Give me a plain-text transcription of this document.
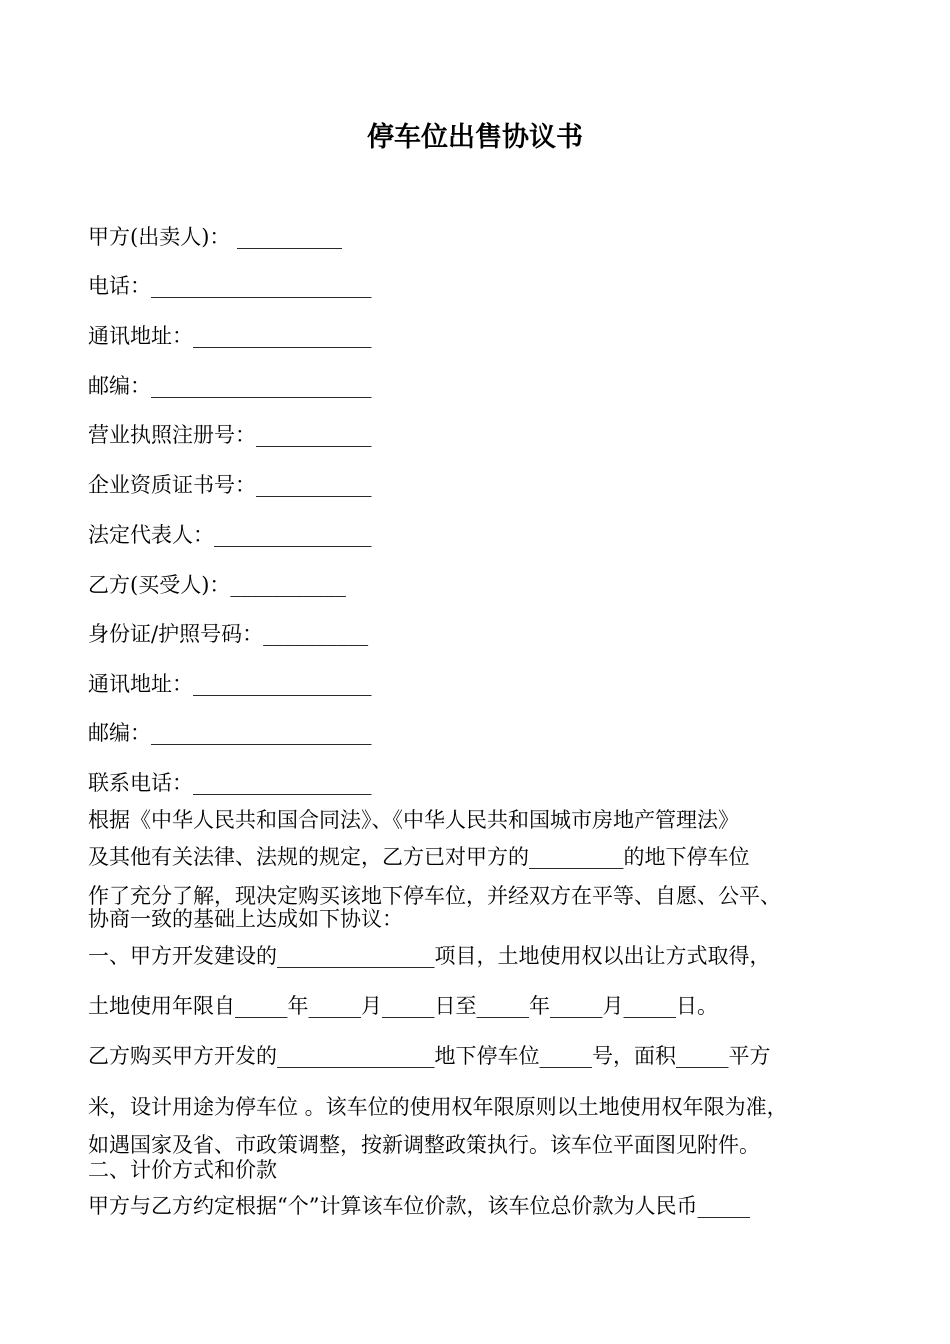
停车位出售协议书
甲方(出卖人)： __________
电话：_____________________
通讯地址：_________________
邮编：_____________________
营业执照注册号：___________
企业资质证书号：___________
法定代表人：_______________
乙方(买受人)：___________
身份证/护照号码：__________
通讯地址：_________________
邮编：_____________________
联系电话：_________________
根据《中华人民共和国合同法》、《中华人民共和国城市房地产管理法》
及其他有关法律、法规的规定，乙方已对甲方的_________的地下停车位
作了充分了解，现决定购买该地下停车位，并经双方在平等、自愿、公平、
协商一致的基础上达成如下协议：
一、甲方开发建设的_______________项目，土地使用权以出让方式取得，
土地使用年限自_____年_____月_____日至_____年_____月_____日。
乙方购买甲方开发的_______________地下停车位_____号，面积_____平方
米，设计用途为停车位 。该车位的使用权年限原则以土地使用权年限为准，
如遇国家及省、市政策调整，按新调整政策执行。该车位平面图见附件。
二、计价方式和价款
甲方与乙方约定根据“个”计算该车位价款，该车位总价款为人民币_____
